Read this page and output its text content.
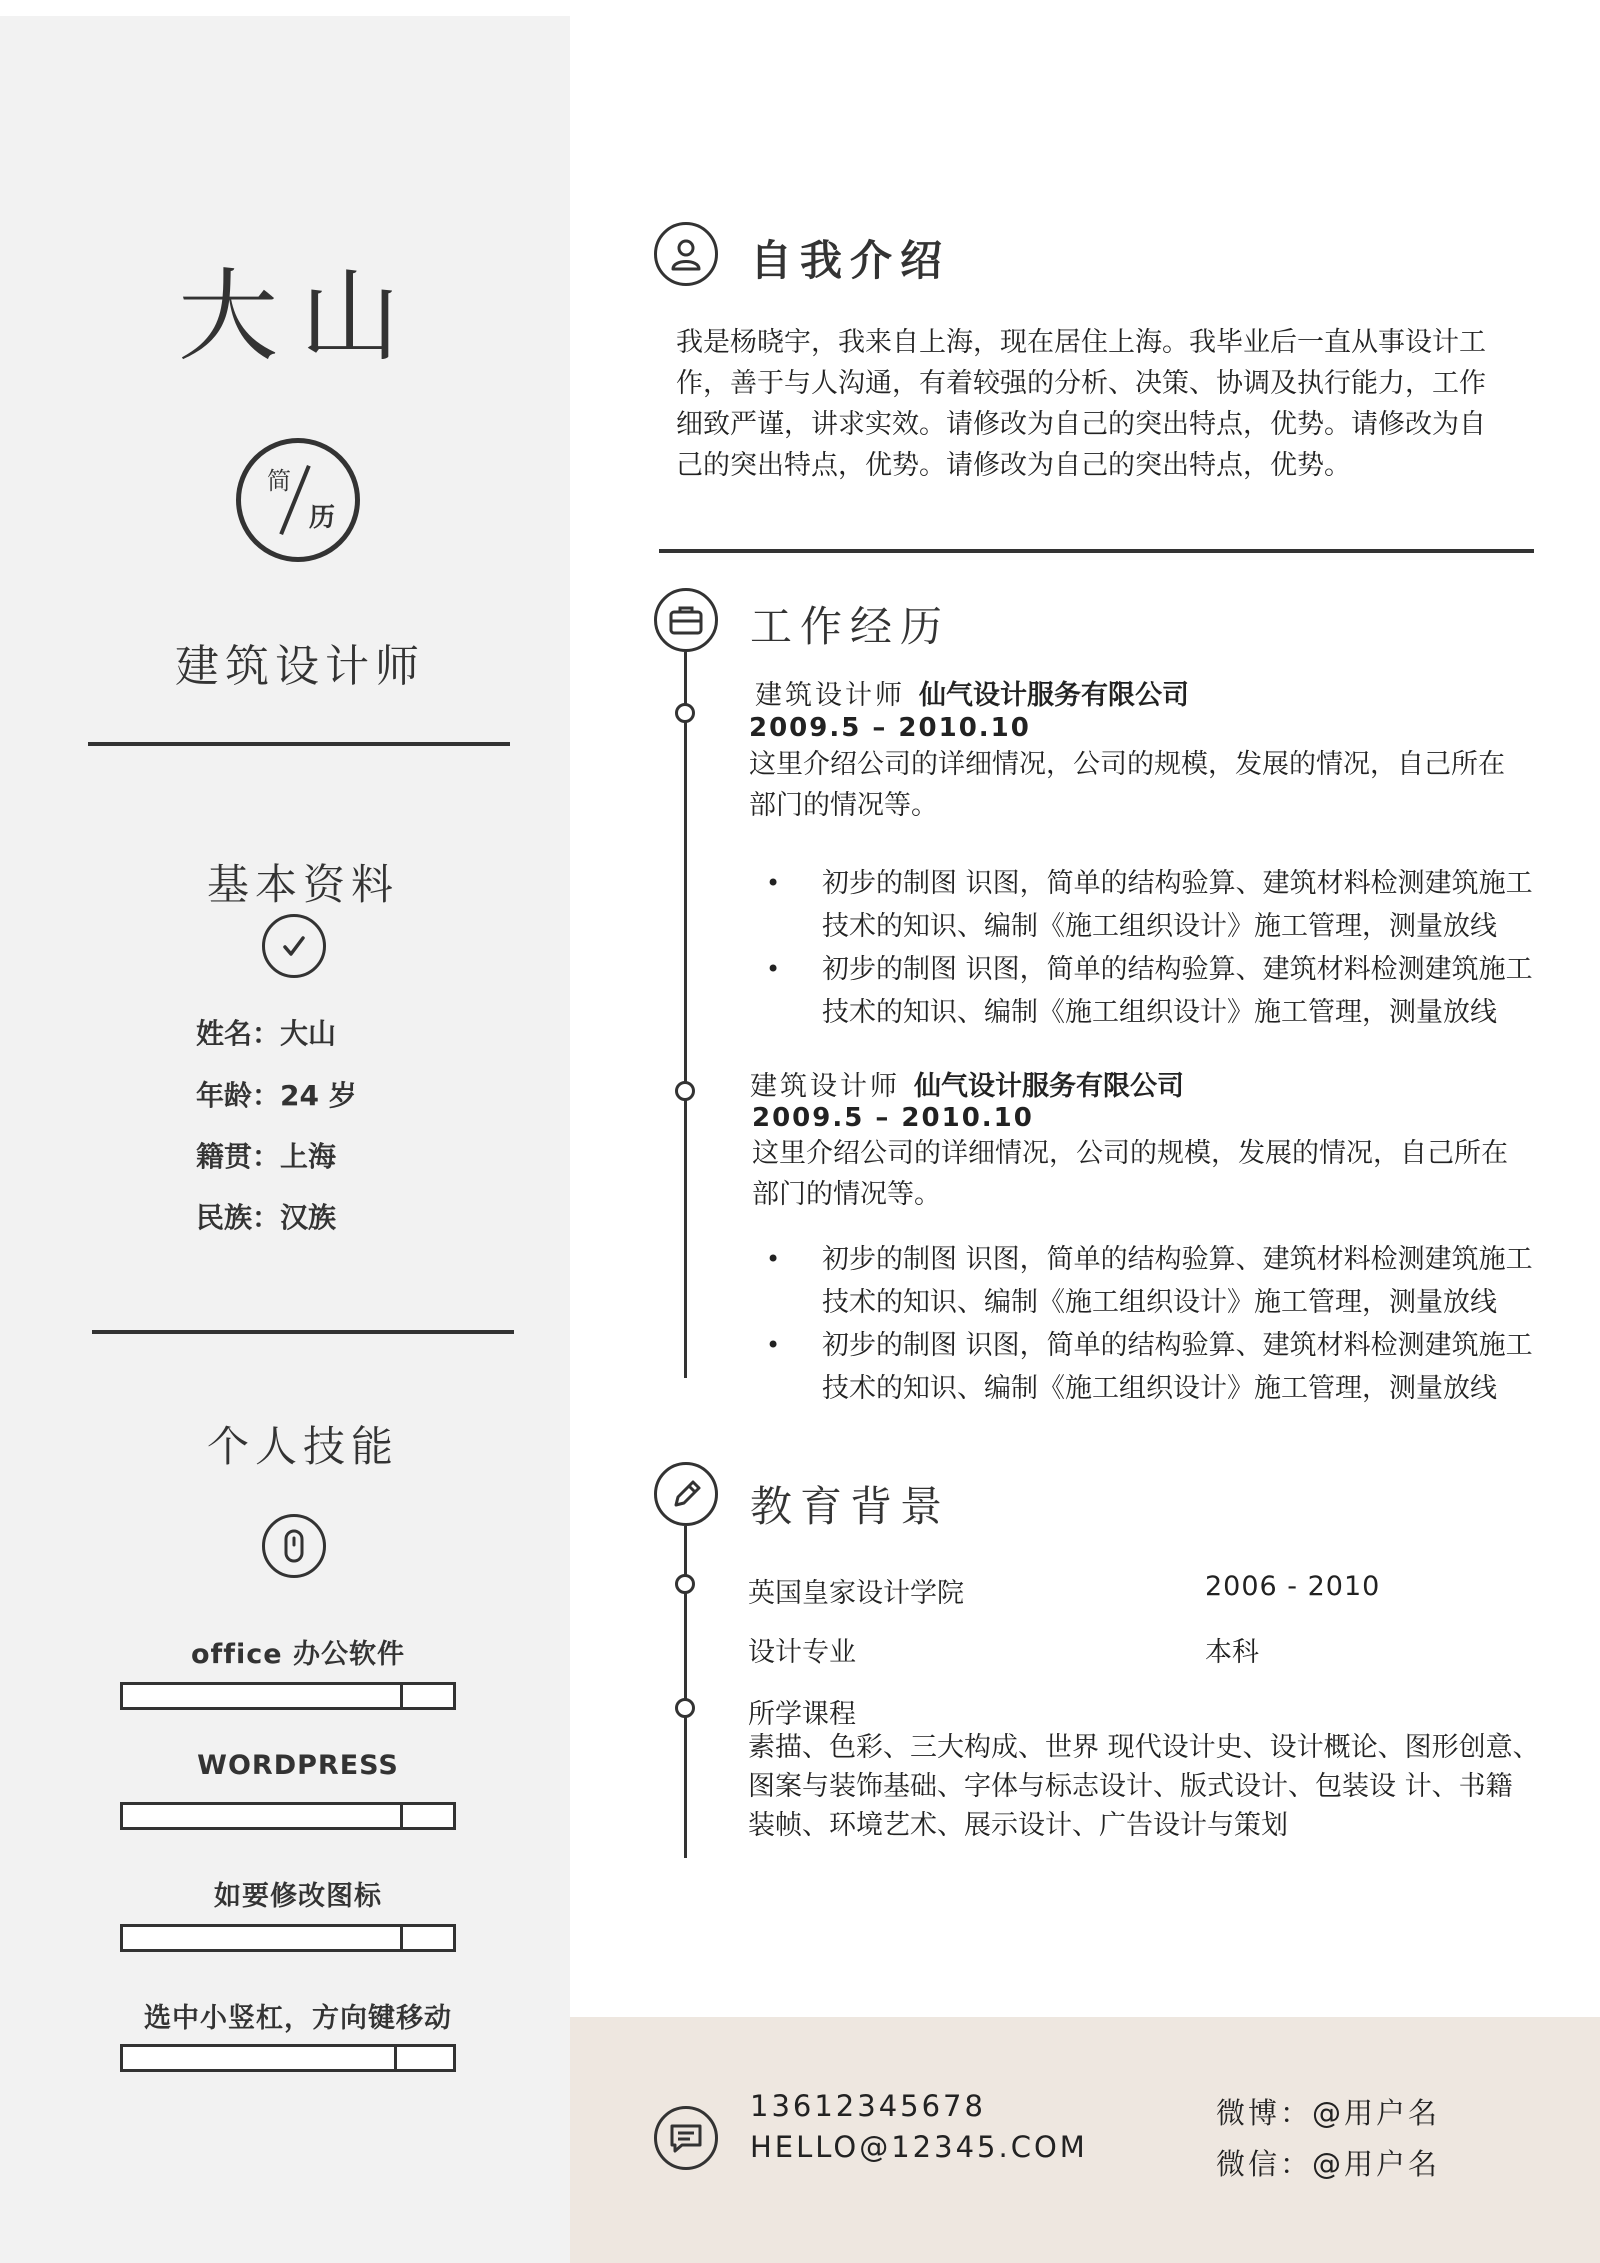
大山
简
历
建筑设计师
基本资料
姓名：大山
年龄：24 岁
籍贯：上海
民族：汉族
个人技能
office 办公软件
WORDPRESS
如要修改图标
选中小竖杠，方向键移动
自我介绍
我是杨晓宇，我来自上海，现在居住上海。我毕业后一直从事设计工
作，善于与人沟通，有着较强的分析、决策、协调及执行能力，工作
细致严谨，讲求实效。请修改为自己的突出特点，优势。请修改为自
己的突出特点，优势。请修改为自己的突出特点，优势。
工作经历
建筑设计师 仙气设计服务有限公司
2009.5 – 2010.10
这里介绍公司的详细情况，公司的规模，发展的情况，自己所在
部门的情况等。
• 初步的制图 识图，简单的结构验算、建筑材料检测建筑施工
技术的知识、编制《施工组织设计》施工管理，测量放线
• 初步的制图 识图，简单的结构验算、建筑材料检测建筑施工
技术的知识、编制《施工组织设计》施工管理，测量放线
建筑设计师 仙气设计服务有限公司
2009.5 – 2010.10
这里介绍公司的详细情况，公司的规模，发展的情况，自己所在
部门的情况等。
• 初步的制图 识图，简单的结构验算、建筑材料检测建筑施工
技术的知识、编制《施工组织设计》施工管理，测量放线
• 初步的制图 识图，简单的结构验算、建筑材料检测建筑施工
技术的知识、编制《施工组织设计》施工管理，测量放线
教育背景
英国皇家设计学院	2006 - 2010
设计专业	本科
所学课程
素描、色彩、三大构成、世界 现代设计史、设计概论、图形创意、
图案与装饰基础、字体与标志设计、版式设计、包装设 计、书籍
装帧、环境艺术、展示设计、广告设计与策划
13612345678
HELLO@12345.COM
微博：@用户名
微信：@用户名
